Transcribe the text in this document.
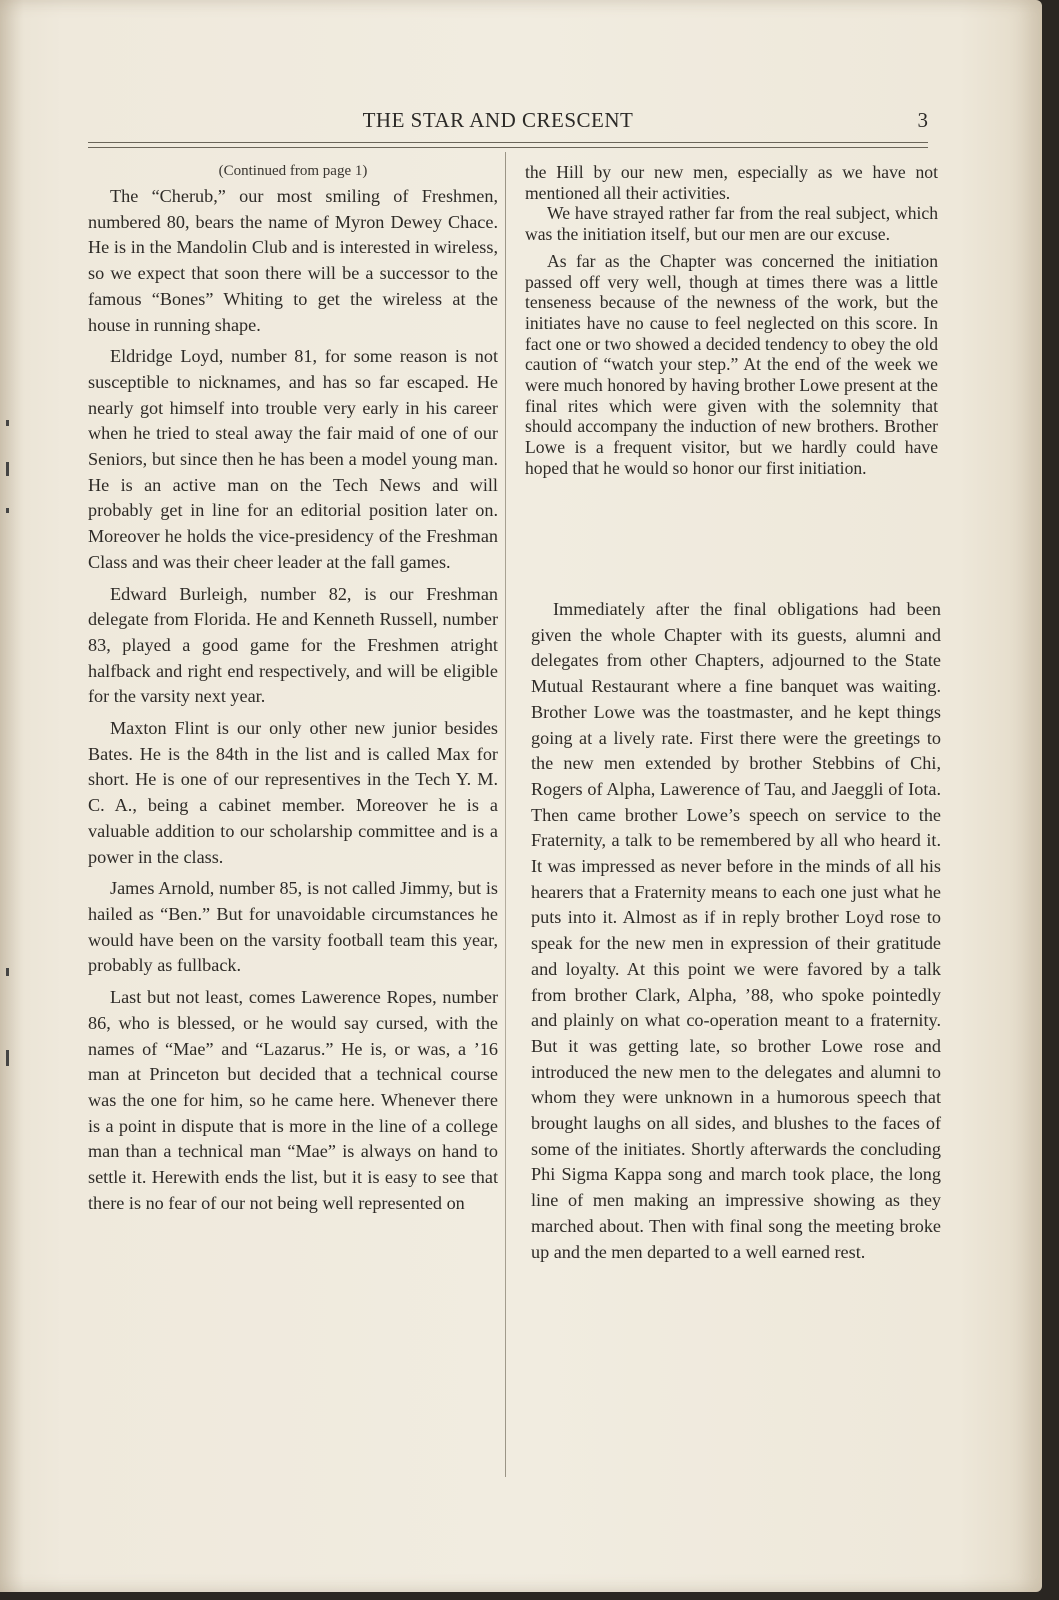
THE STAR AND CRESCENT	3
(Continued from page 1)

The “Cherub,” our most smiling of Freshmen, numbered 80, bears the name of Myron Dewey Chace. He is in the Mandolin Club and is interested in wireless, so we expect that soon there will be a successor to the famous “Bones” Whiting to get the wireless at the house in running shape.

Eldridge Loyd, number 81, for some reason is not susceptible to nicknames, and has so far escaped. He nearly got himself into trouble very early in his career when he tried to steal away the fair maid of one of our Seniors, but since then he has been a model young man. He is an active man on the Tech News and will probably get in line for an editorial position later on. Moreover he holds the vice-presidency of the Freshman Class and was their cheer leader at the fall games.

Edward Burleigh, number 82, is our Freshman delegate from Florida. He and Kenneth Russell, number 83, played a good game for the Freshmen atright halfback and right end respectively, and will be eligible for the varsity next year.

Maxton Flint is our only other new junior besides Bates. He is the 84th in the list and is called Max for short. He is one of our representives in the Tech Y. M. C. A., being a cabinet member. Moreover he is a valuable addition to our scholarship committee and is a power in the class.

James Arnold, number 85, is not called Jimmy, but is hailed as “Ben.” But for unavoidable circumstances he would have been on the varsity football team this year, probably as fullback.

Last but not least, comes Lawerence Ropes, number 86, who is blessed, or he would say cursed, with the names of “Mae” and “Lazarus.” He is, or was, a ’16 man at Princeton but decided that a technical course was the one for him, so he came here. Whenever there is a point in dispute that is more in the line of a college man than a technical man “Mae” is always on hand to settle it. Herewith ends the list, but it is easy to see that there is no fear of our not being well represented on

the Hill by our new men, especially as we have not mentioned all their activities.

We have strayed rather far from the real subject, which was the initiation itself, but our men are our excuse.

As far as the Chapter was concerned the initiation passed off very well, though at times there was a little tenseness because of the newness of the work, but the initiates have no cause to feel neglected on this score. In fact one or two showed a decided tendency to obey the old caution of “watch your step.” At the end of the week we were much honored by having brother Lowe present at the final rites which were given with the solemnity that should accompany the induction of new brothers. Brother Lowe is a frequent visitor, but we hardly could have hoped that he would so honor our first initiation.

Immediately after the final obligations had been given the whole Chapter with its guests, alumni and delegates from other Chapters, adjourned to the State Mutual Restaurant where a fine banquet was waiting. Brother Lowe was the toastmaster, and he kept things going at a lively rate. First there were the greetings to the new men extended by brother Stebbins of Chi, Rogers of Alpha, Lawerence of Tau, and Jaeggli of Iota. Then came brother Lowe’s speech on service to the Fraternity, a talk to be remembered by all who heard it. It was impressed as never before in the minds of all his hearers that a Fraternity means to each one just what he puts into it. Almost as if in reply brother Loyd rose to speak for the new men in expression of their gratitude and loyalty. At this point we were favored by a talk from brother Clark, Alpha, ’88, who spoke pointedly and plainly on what co-operation meant to a fraternity. But it was getting late, so brother Lowe rose and introduced the new men to the delegates and alumni to whom they were unknown in a humorous speech that brought laughs on all sides, and blushes to the faces of some of the initiates. Shortly afterwards the concluding Phi Sigma Kappa song and march took place, the long line of men making an impressive showing as they marched about. Then with final song the meeting broke up and the men departed to a well earned rest.
